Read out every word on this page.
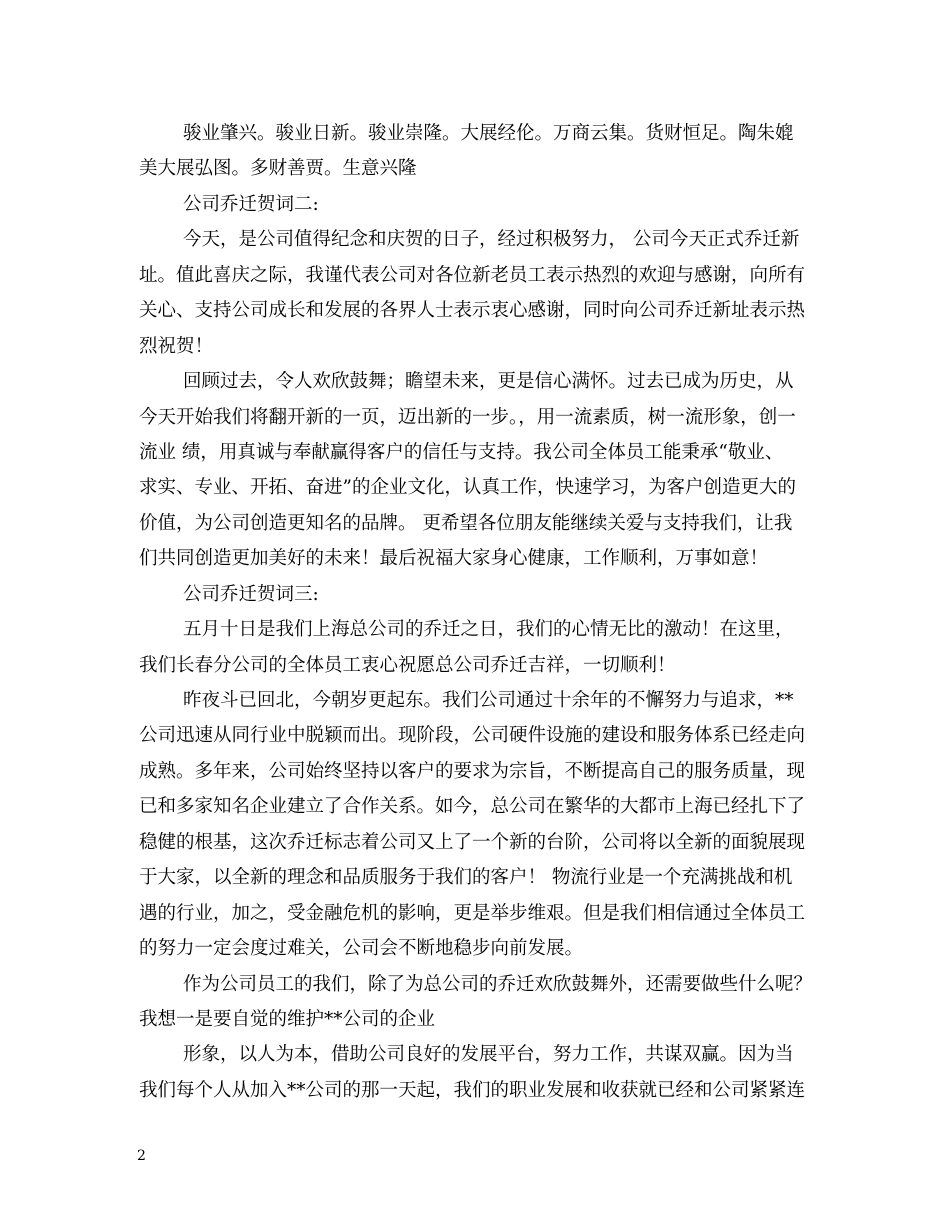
骏业肇兴。骏业日新。骏业崇隆。大展经伦。万商云集。货财恒足。陶朱媲
美大展弘图。多财善贾。生意兴隆
公司乔迁贺词二:
今天，是公司值得纪念和庆贺的日子，经过积极努力， 公司今天正式乔迁新
址。值此喜庆之际，我谨代表公司对各位新老员工表示热烈的欢迎与感谢，向所有
关心、支持公司成长和发展的各界人士表示衷心感谢，同时向公司乔迁新址表示热
烈祝贺！
回顾过去，令人欢欣鼓舞；瞻望未来，更是信心满怀。过去已成为历史，从
今天开始我们将翻开新的一页，迈出新的一步。，用一流素质，树一流形象，创一
流业 绩，用真诚与奉献赢得客户的信任与支持。我公司全体员工能秉承“敬业、
求实、专业、开拓、奋进”的企业文化，认真工作，快速学习，为客户创造更大的
价值，为公司创造更知名的品牌。 更希望各位朋友能继续关爱与支持我们，让我
们共同创造更加美好的未来！最后祝福大家身心健康，工作顺利，万事如意！
公司乔迁贺词三:
五月十日是我们上海总公司的乔迁之日，我们的心情无比的激动！在这里，
我们长春分公司的全体员工衷心祝愿总公司乔迁吉祥，一切顺利！
昨夜斗已回北，今朝岁更起东。我们公司通过十余年的不懈努力与追求，**
公司迅速从同行业中脱颖而出。现阶段，公司硬件设施的建设和服务体系已经走向
成熟。多年来，公司始终坚持以客户的要求为宗旨，不断提高自己的服务质量，现
已和多家知名企业建立了合作关系。如今，总公司在繁华的大都市上海已经扎下了
稳健的根基，这次乔迁标志着公司又上了一个新的台阶，公司将以全新的面貌展现
于大家，以全新的理念和品质服务于我们的客户！ 物流行业是一个充满挑战和机
遇的行业，加之，受金融危机的影响，更是举步维艰。但是我们相信通过全体员工
的努力一定会度过难关，公司会不断地稳步向前发展。
作为公司员工的我们，除了为总公司的乔迁欢欣鼓舞外，还需要做些什么呢？
我想一是要自觉的维护**公司的企业
形象，以人为本，借助公司良好的发展平台，努力工作，共谋双赢。因为当
我们每个人从加入**公司的那一天起，我们的职业发展和收获就已经和公司紧紧连
2
